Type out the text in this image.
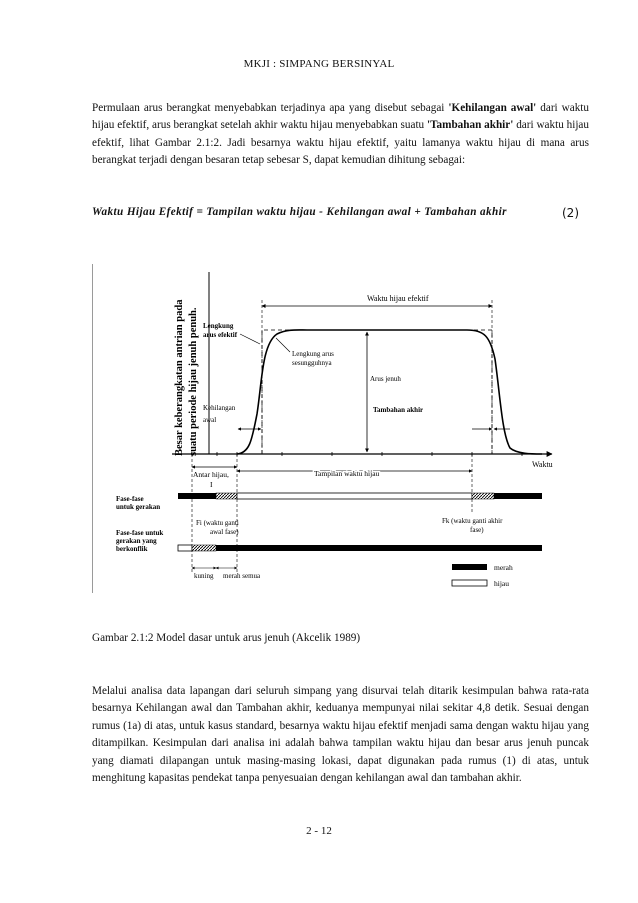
MKJI : SIMPANG BERSINYAL
Permulaan arus berangkat menyebabkan terjadinya apa yang disebut sebagai 'Kehilangan awal' dari waktu hijau efektif, arus berangkat setelah akhir waktu hijau menyebabkan suatu 'Tambahan akhir' dari waktu hijau efektif, lihat Gambar 2.1:2. Jadi besarnya waktu hijau efektif, yaitu lamanya waktu hijau di mana arus berangkat terjadi dengan besaran tetap sebesar S, dapat kemudian dihitung sebagai:
Waktu Hijau Efektif = Tampilan waktu hijau - Kehilangan awal + Tambahan akhir	(2)
Besar keberangkatan antrian pada suatu periode hijau jenuh penuh.
Waktu
Waktu hijau efektif
Arus jenuh
Lengkung
arus efektif
Lengkung arus
sesungguhnya
Kehilangan
awal
Tambahan akhir
Antar hijau,
I
Tampilan waktu hijau
Fase-fase
untuk gerakan
Fase-fase untuk
gerakan yang
berkonflik
Fi (waktu ganti
awal fase)
Fk (waktu ganti akhir
fase)
kuning merah semua
merah
hijau
Gambar 2.1:2 Model dasar untuk arus jenuh (Akcelik 1989)
Melalui analisa data lapangan dari seluruh simpang yang disurvai telah ditarik kesimpulan bahwa rata-rata besarnya Kehilangan awal dan Tambahan akhir, keduanya mempunyai nilai sekitar 4,8 detik. Sesuai dengan rumus (1a) di atas, untuk kasus standard, besarnya waktu hijau efektif menjadi sama dengan waktu hijau yang ditampilkan. Kesimpulan dari analisa ini adalah bahwa tampilan waktu hijau dan besar arus jenuh puncak yang diamati dilapangan untuk masing-masing lokasi, dapat digunakan pada rumus (1) di atas, untuk menghitung kapasitas pendekat tanpa penyesuaian dengan kehilangan awal dan tambahan akhir.
2 - 12
